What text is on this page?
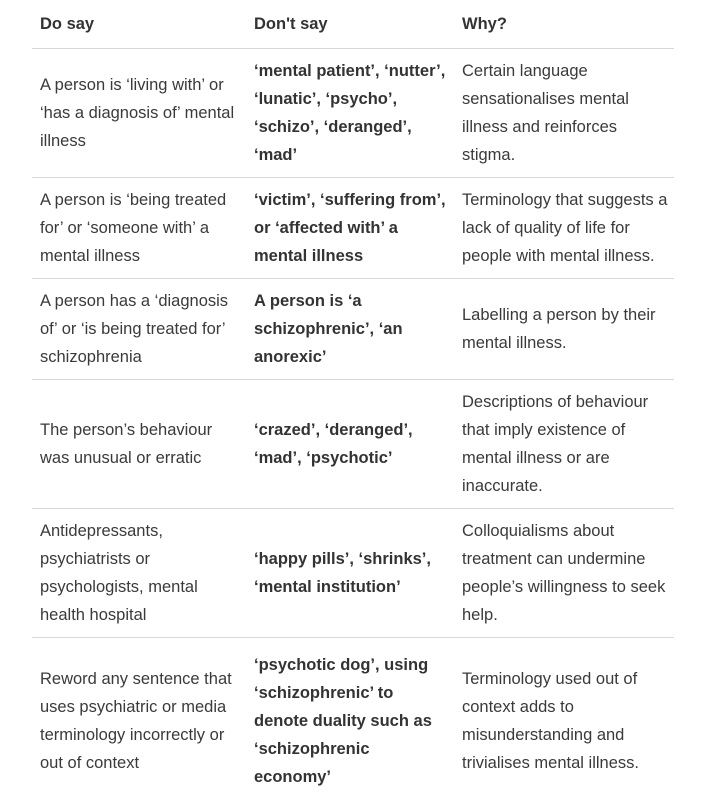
Do say	Don't say	Why?
A person is ‘living with’ or ‘has a diagnosis of’ mental illness
‘mental patient’, ‘nutter’, ‘lunatic’, ‘psycho’, ‘schizo’, ‘deranged’, ‘mad’
Certain language sensationalises mental illness and reinforces stigma.
A person is ‘being treated for’ or ‘someone with’ a mental illness
‘victim’, ‘suffering from’, or ‘affected with’ a mental illness
Terminology that suggests a lack of quality of life for people with mental illness.
A person has a ‘diagnosis of’ or ‘is being treated for’ schizophrenia
A person is ‘a schizophrenic’, ‘an anorexic’
Labelling a person by their mental illness.
The person’s behaviour was unusual or erratic
‘crazed’, ‘deranged’, ‘mad’, ‘psychotic’
Descriptions of behaviour that imply existence of mental illness or are inaccurate.
Antidepressants, psychiatrists or psychologists, mental health hospital
‘happy pills’, ‘shrinks’, ‘mental institution’
Colloquialisms about treatment can undermine people’s willingness to seek help.
Reword any sentence that uses psychiatric or media terminology incorrectly or out of context
‘psychotic dog’, using ‘schizophrenic’ to denote duality such as ‘schizophrenic economy’
Terminology used out of context adds to misunderstanding and trivialises mental illness.
